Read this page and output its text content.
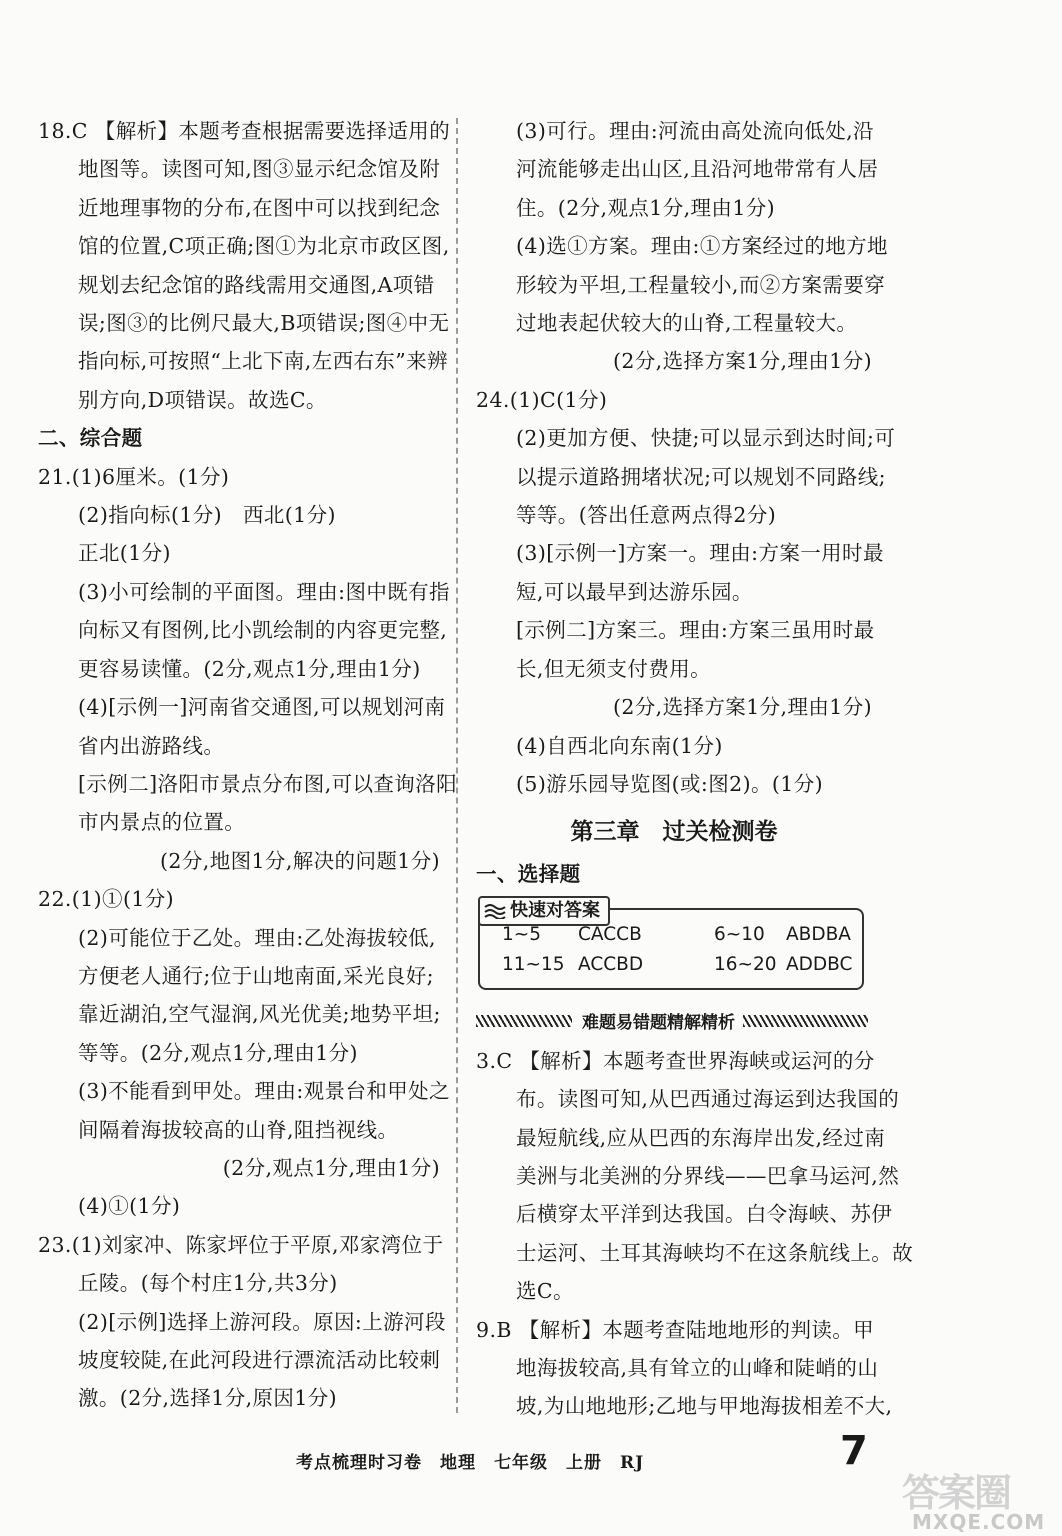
18.C 【解析】本题考查根据需要选择适用的
地图等。读图可知,图③显示纪念馆及附
近地理事物的分布,在图中可以找到纪念
馆的位置,C项正确;图①为北京市政区图,
规划去纪念馆的路线需用交通图,A项错
误;图③的比例尺最大,B项错误;图④中无
指向标,可按照“上北下南,左西右东”来辨
别方向,D项错误。故选C。
二、综合题
21.(1)6厘米。(1分)
(2)指向标(1分)　西北(1分)
正北(1分)
(3)小可绘制的平面图。理由:图中既有指
向标又有图例,比小凯绘制的内容更完整,
更容易读懂。(2分,观点1分,理由1分)
(4)[示例一]河南省交通图,可以规划河南
省内出游路线。
[示例二]洛阳市景点分布图,可以查询洛阳
市内景点的位置。
(2分,地图1分,解决的问题1分)
22.(1)①(1分)
(2)可能位于乙处。理由:乙处海拔较低,
方便老人通行;位于山地南面,采光良好;
靠近湖泊,空气湿润,风光优美;地势平坦;
等等。(2分,观点1分,理由1分)
(3)不能看到甲处。理由:观景台和甲处之
间隔着海拔较高的山脊,阻挡视线。
(2分,观点1分,理由1分)
(4)①(1分)
23.(1)刘家冲、陈家坪位于平原,邓家湾位于
丘陵。(每个村庄1分,共3分)
(2)[示例]选择上游河段。原因:上游河段
坡度较陡,在此河段进行漂流活动比较刺
激。(2分,选择1分,原因1分)
(3)可行。理由:河流由高处流向低处,沿
河流能够走出山区,且沿河地带常有人居
住。(2分,观点1分,理由1分)
(4)选①方案。理由:①方案经过的地方地
形较为平坦,工程量较小,而②方案需要穿
过地表起伏较大的山脊,工程量较大。
(2分,选择方案1分,理由1分)
24.(1)C(1分)
(2)更加方便、快捷;可以显示到达时间;可
以提示道路拥堵状况;可以规划不同路线;
等等。(答出任意两点得2分)
(3)[示例一]方案一。理由:方案一用时最
短,可以最早到达游乐园。
[示例二]方案三。理由:方案三虽用时最
长,但无须支付费用。
(2分,选择方案1分,理由1分)
(4)自西北向东南(1分)
(5)游乐园导览图(或:图2)。(1分)
第三章　过关检测卷
一、选择题
快速对答案
1~5 CACCB	6~10 ABDBA
11~15 ACCBD	16~20 ADDBC
难题易错题精解精析
3.C 【解析】本题考查世界海峡或运河的分
布。读图可知,从巴西通过海运到达我国的
最短航线,应从巴西的东海岸出发,经过南
美洲与北美洲的分界线——巴拿马运河,然
后横穿太平洋到达我国。白令海峡、苏伊
士运河、土耳其海峡均不在这条航线上。故
选C。
9.B 【解析】本题考查陆地地形的判读。甲
地海拔较高,具有耸立的山峰和陡峭的山
坡,为山地地形;乙地与甲地海拔相差不大,
考点梳理时习卷　地理　七年级　上册　RJ	7
答案圈
MXQE.COM
